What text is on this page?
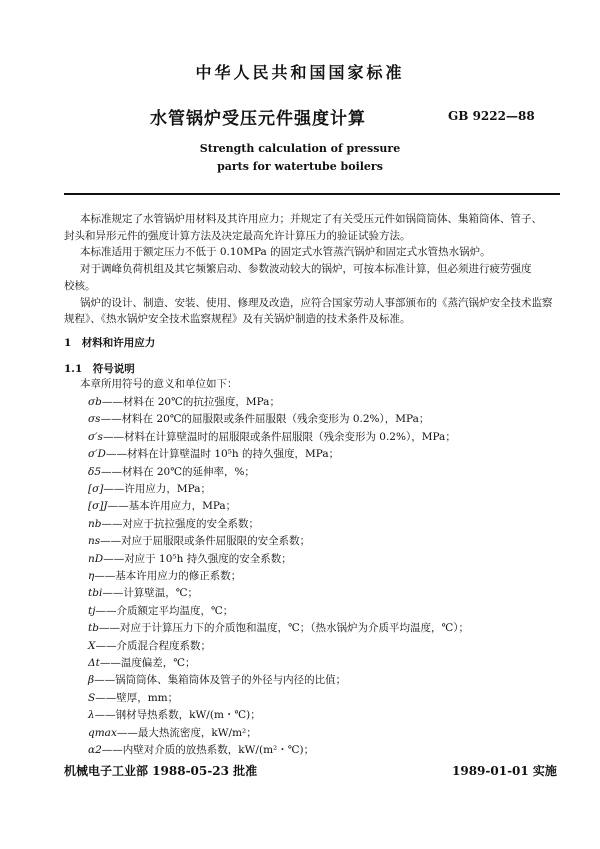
中华人民共和国国家标准
水管锅炉受压元件强度计算	GB 9222—88
Strength calculation of pressure
parts for watertube boilers
本标准规定了水管锅炉用材料及其许用应力；并规定了有关受压元件如锅筒筒体、集箱筒体、管子、
封头和异形元件的强度计算方法及决定最高允许计算压力的验证试验方法。
本标准适用于额定压力不低于 0.10MPa 的固定式水管蒸汽锅炉和固定式水管热水锅炉。
对于调峰负荷机组及其它频繁启动、参数波动较大的锅炉，可按本标准计算，但必须进行疲劳强度
校核。
锅炉的设计、制造、安装、使用、修理及改造，应符合国家劳动人事部颁布的《蒸汽锅炉安全技术监察
规程》、《热水锅炉安全技术监察规程》及有关锅炉制造的技术条件及标准。
1　材料和许用应力
1.1　符号说明
本章所用符号的意义和单位如下：
σb——材料在 20℃的抗拉强度，MPa；
σs——材料在 20℃的屈服限或条件屈服限（残余变形为 0.2%），MPa；
σ′s——材料在计算壁温时的屈服限或条件屈服限（残余变形为 0.2%），MPa；
σ′D——材料在计算壁温时 10⁵h 的持久强度，MPa；
δ5——材料在 20℃的延伸率，%；
[σ]——许用应力，MPa；
[σ]J——基本许用应力，MPa；
nb——对应于抗拉强度的安全系数；
ns——对应于屈服限或条件屈服限的安全系数；
nD——对应于 10⁵h 持久强度的安全系数；
η——基本许用应力的修正系数；
tbi——计算壁温，℃；
tj——介质额定平均温度，℃；
tb——对应于计算压力下的介质饱和温度，℃；（热水锅炉为介质平均温度，℃）；
X——介质混合程度系数；
Δt——温度偏差，℃；
β——锅筒筒体、集箱筒体及管子的外径与内径的比值；
S——壁厚，mm；
λ——钢材导热系数，kW/(m・℃)；
qmax——最大热流密度，kW/m²；
α2——内壁对介质的放热系数，kW/(m²・℃)；
机械电子工业部 1988-05-23 批准	1989-01-01 实施
